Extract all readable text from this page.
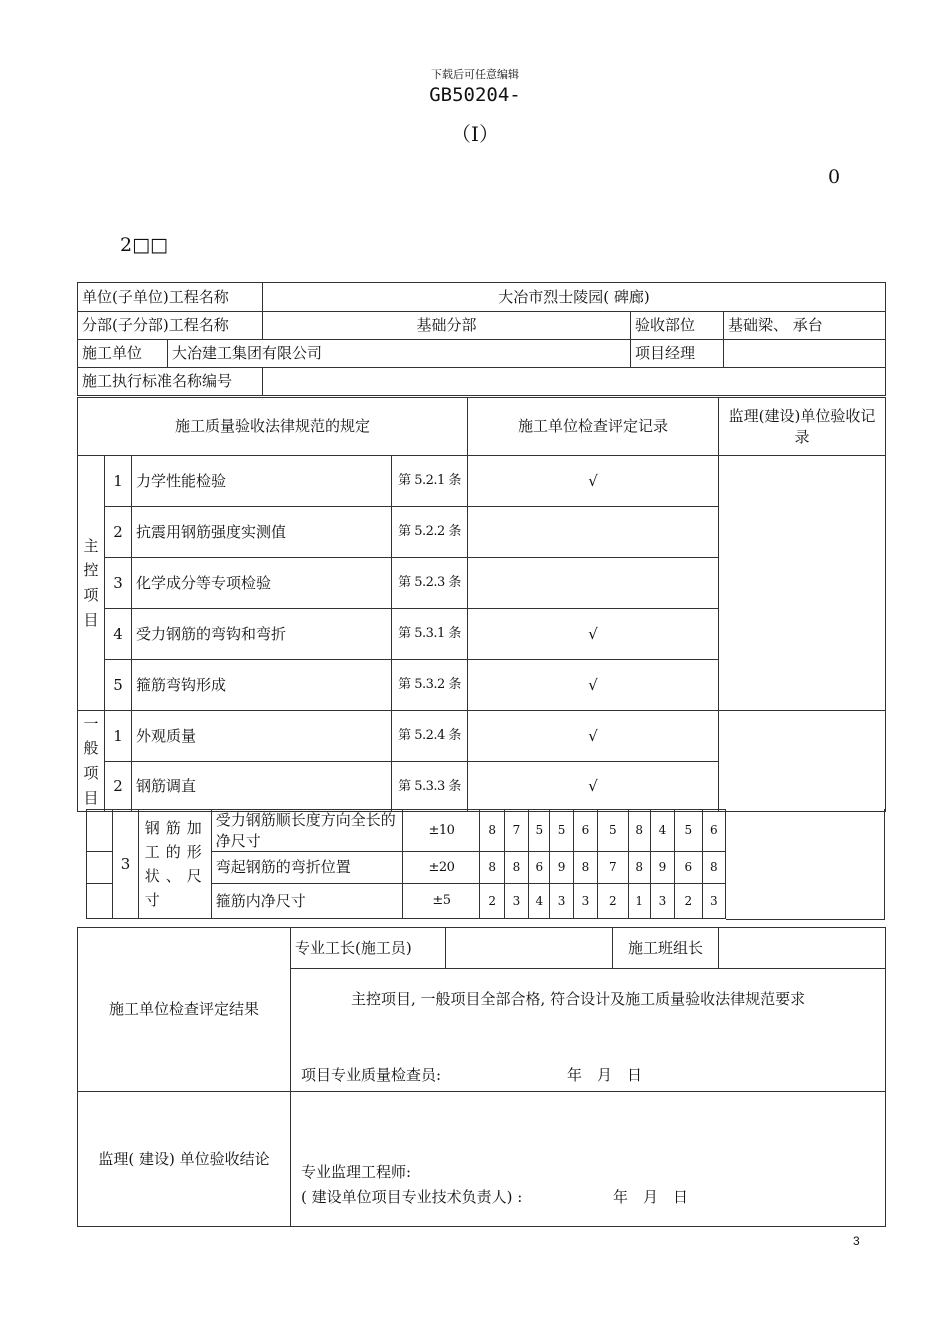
下载后可任意编辑
GB50204-
（Ⅰ）
0
2□□
单位(子单位)工程名称		大冶市烈士陵园( 碑廊)		
分部(子分部)工程名称		基础分部	验收部位	基础梁、 承台
施工单位	大冶建工集团有限公司		项目经理	
施工执行标准名称编号				
施工质量验收法律规范的规定				施工单位检查评定记录	监理(建设)单位验收记录
主
控
项
目	1	力学性能检验	第 5.2.1 条	√	
	2	抗震用钢筋强度实测值	第 5.2.2 条		
	3	化学成分等专项检验	第 5.2.3 条		
	4	受力钢筋的弯钩和弯折	第 5.3.1 条	√	
	5	箍筋弯钩形成	第 5.3.2 条	√	
一
般
项
目	1	外观质量	第 5.2.4 条	√	
	2	钢筋调直	第 5.3.3 条	√	
	3	钢筋加工的形状、尺寸	受力钢筋顺长度方向全长的净尺寸	±10	8	7	5	5	6	5	8	4	5	6
			弯起钢筋的弯折位置	±20	8	8	6	9	8	7	8	9	6	8
			箍筋内净尺寸	±5	2	3	4	3	3	2	1	3	2	3
施工单位检查评定结果	专业工长(施工员)		施工班组长	

	主控项目, 一般项目全部合格, 符合设计及施工质量验收法律规范要求
项目专业质量检查员: 年　月　日			

监理( 建设) 单位验收结论	专业监理工程师:
( 建设单位项目专业技术负责人) : 年　月　日			
3
